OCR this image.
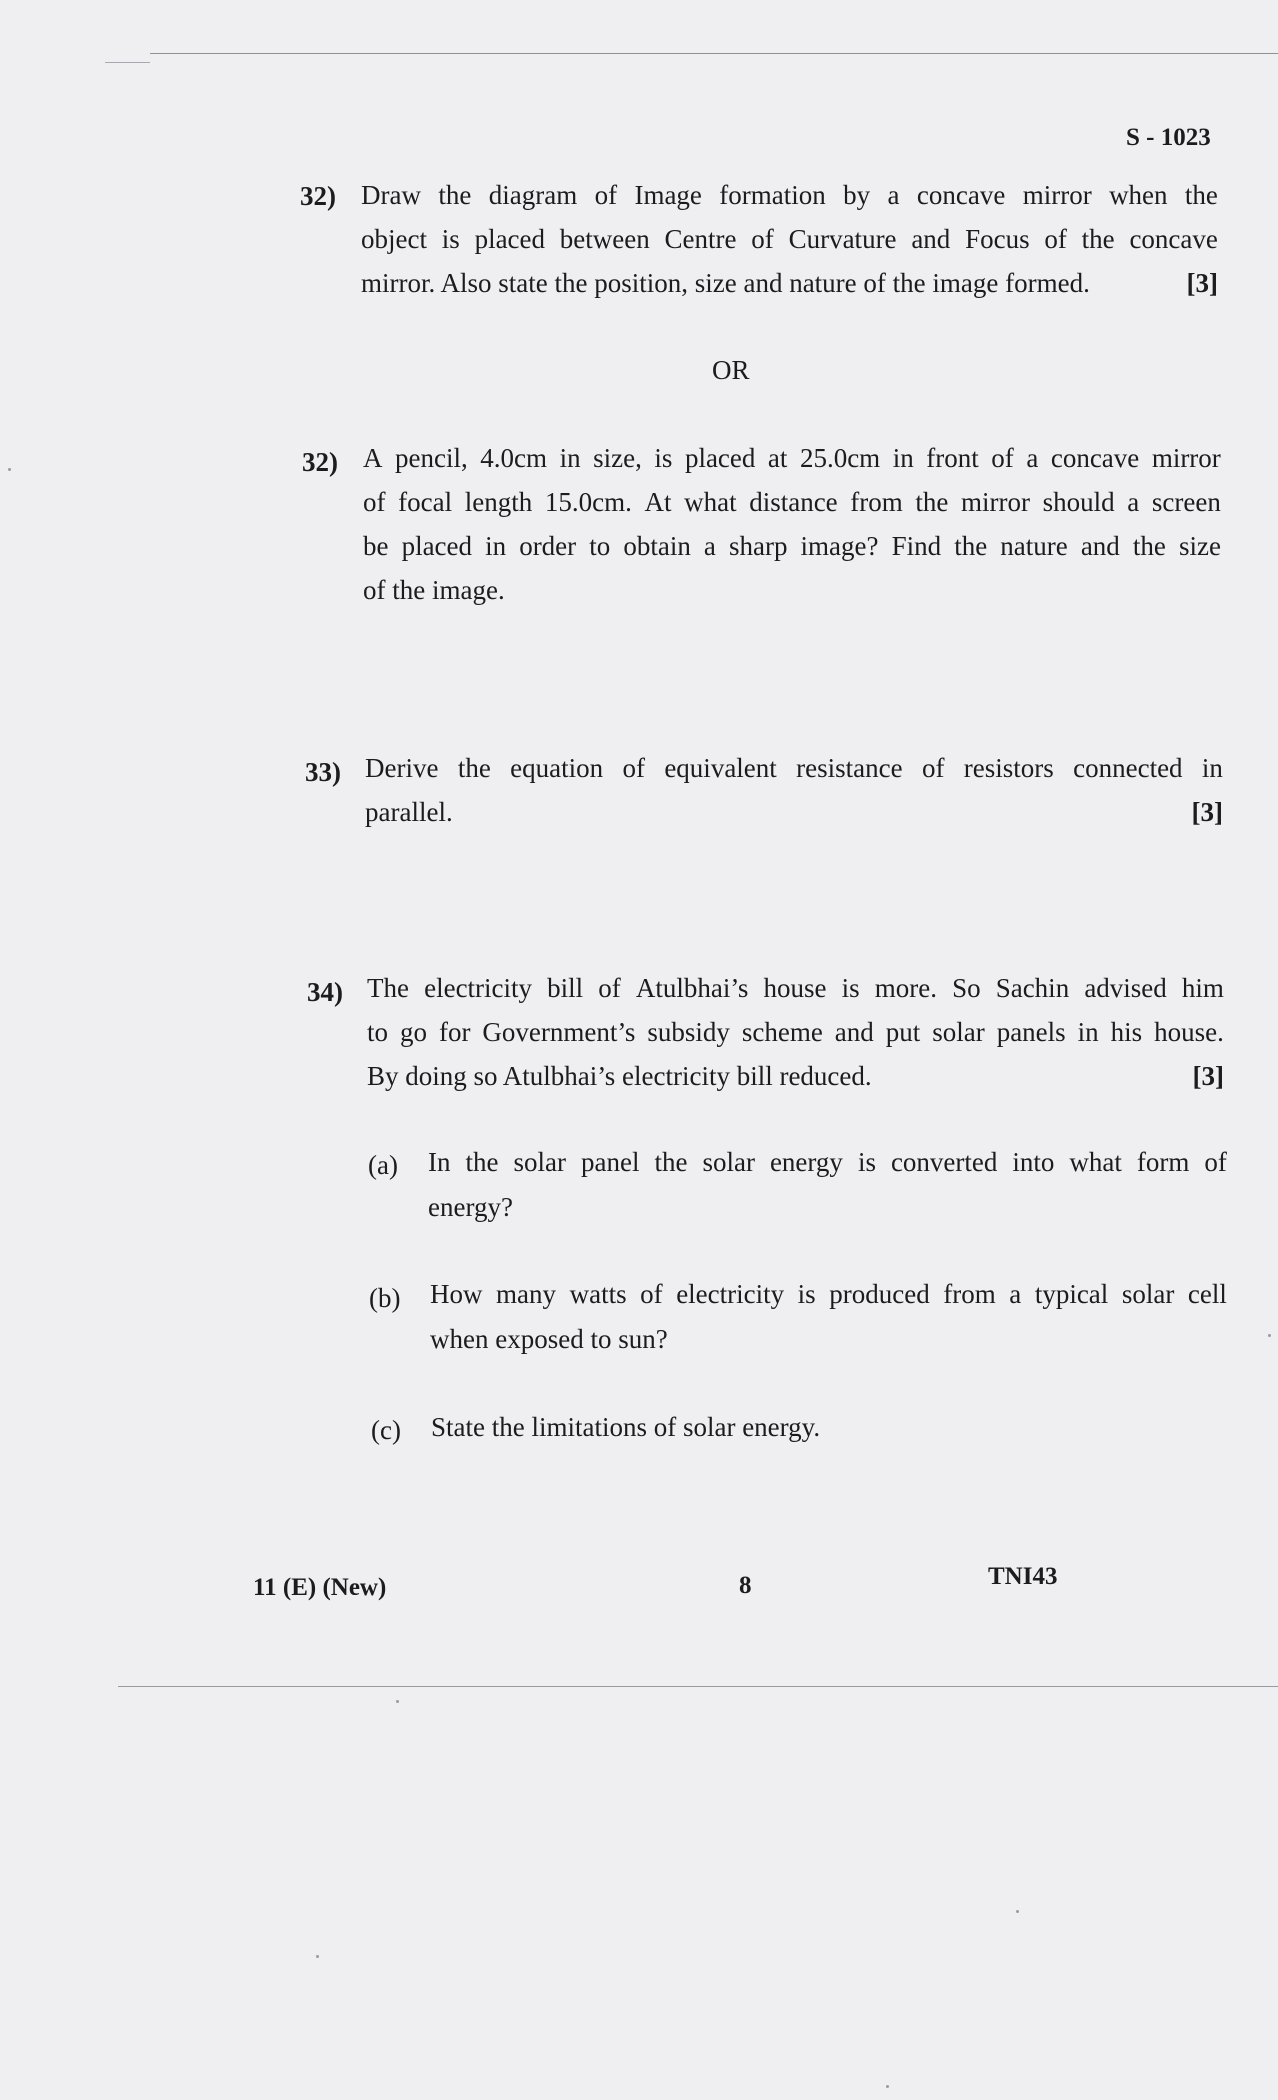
S - 1023
32) Draw the diagram of Image formation by a concave mirror when the
object is placed between Centre of Curvature and Focus of the concave
mirror. Also state the position, size and nature of the image formed.	[3]
OR
32) A pencil, 4.0cm in size, is placed at 25.0cm in front of a concave mirror
of focal length 15.0cm. At what distance from the mirror should a screen
be placed in order to obtain a sharp image? Find the nature and the size
of the image.
33) Derive the equation of equivalent resistance of resistors connected in
parallel.	[3]
34) The electricity bill of Atulbhai’s house is more. So Sachin advised him
to go for Government’s subsidy scheme and put solar panels in his house.
By doing so Atulbhai’s electricity bill reduced.	[3]
(a) In the solar panel the solar energy is converted into what form of
energy?
(b) How many watts of electricity is produced from a typical solar cell
when exposed to sun?
(c) State the limitations of solar energy.
11 (E) (New)	8	TNI43
